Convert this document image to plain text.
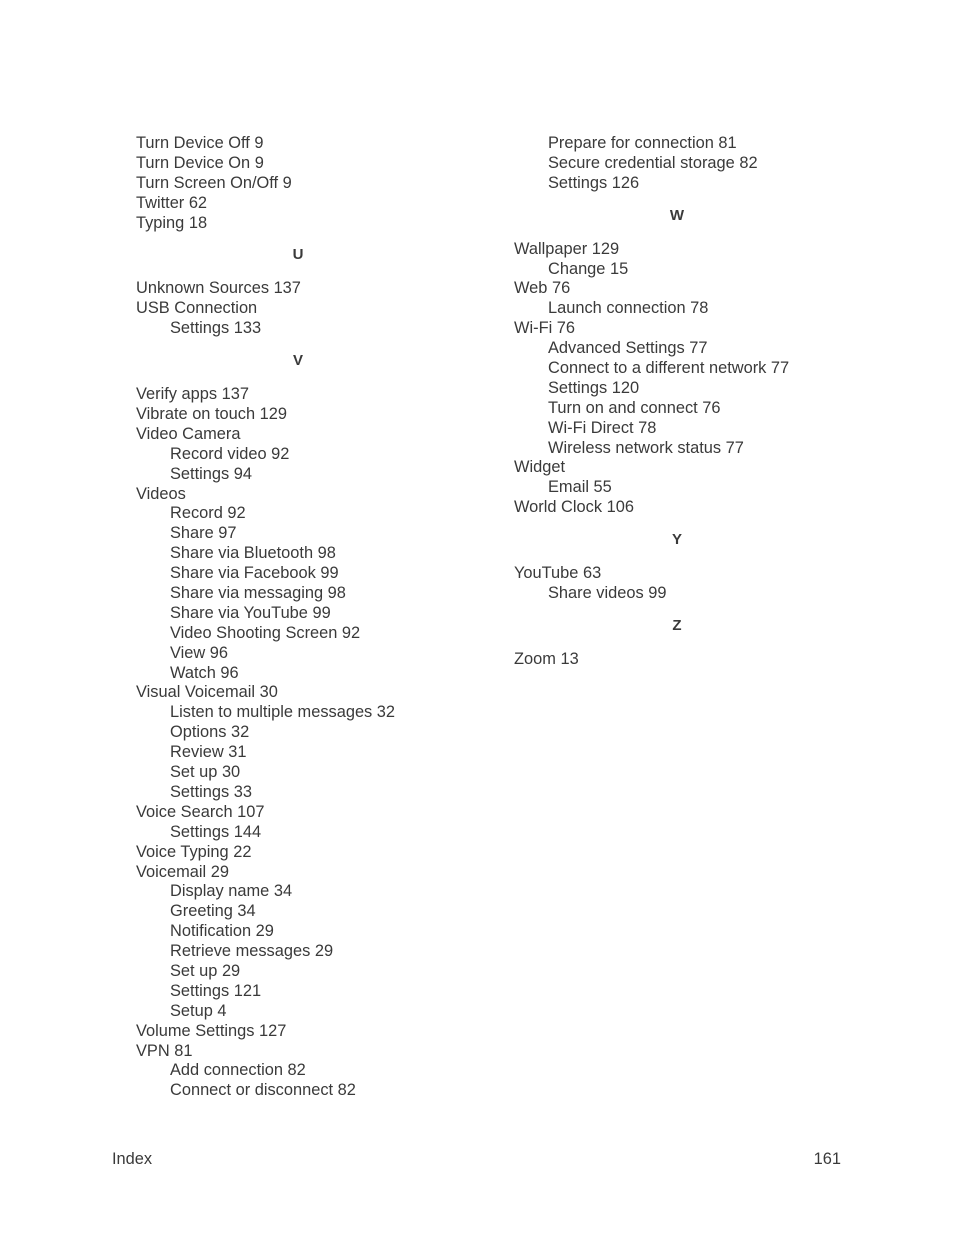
Turn Device Off 9
Turn Device On 9
Turn Screen On/Off 9
Twitter 62
Typing 18
U
Unknown Sources 137
USB Connection
Settings 133
V
Verify apps 137
Vibrate on touch 129
Video Camera
Record video 92
Settings 94
Videos
Record 92
Share 97
Share via Bluetooth 98
Share via Facebook 99
Share via messaging 98
Share via YouTube 99
Video Shooting Screen 92
View 96
Watch 96
Visual Voicemail 30
Listen to multiple messages 32
Options 32
Review 31
Set up 30
Settings 33
Voice Search 107
Settings 144
Voice Typing 22
Voicemail 29
Display name 34
Greeting 34
Notification 29
Retrieve messages 29
Set up 29
Settings 121
Setup 4
Volume Settings 127
VPN 81
Add connection 82
Connect or disconnect 82
Prepare for connection 81
Secure credential storage 82
Settings 126
W
Wallpaper 129
Change 15
Web 76
Launch connection 78
Wi-Fi 76
Advanced Settings 77
Connect to a different network 77
Settings 120
Turn on and connect 76
Wi-Fi Direct 78
Wireless network status 77
Widget
Email 55
World Clock 106
Y
YouTube 63
Share videos 99
Z
Zoom 13
Index	161
